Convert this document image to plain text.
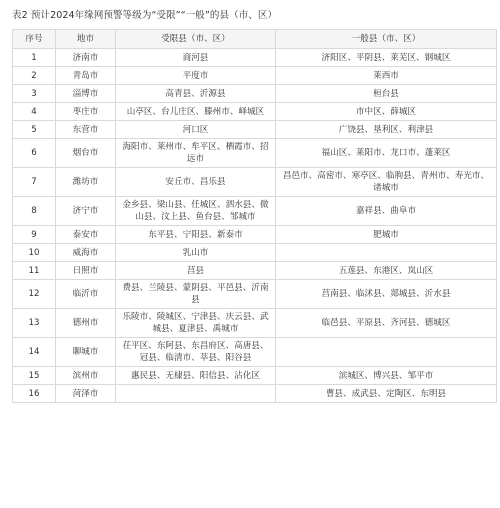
表2 预计2024年缘网预警等级为“受限”“一般”的县（市、区）
序号	地市	受限县（市、区）	一般县（市、区）
1	济南市	商河县	济阳区、平阴县、莱芜区、钢城区
2	青岛市	平度市	莱西市
3	淄博市	高青县、沂源县	桓台县
4	枣庄市	山亭区、台儿庄区、滕州市、峄城区	市中区、薛城区
5	东营市	河口区	广饶县、垦利区、利津县
6	烟台市	海阳市、莱州市、牟平区、栖霞市、招远市	福山区、莱阳市、龙口市、蓬莱区
7	潍坊市	安丘市、昌乐县	昌邑市、高密市、寒亭区、临朐县、青州市、寿光市、诸城市
8	济宁市	金乡县、梁山县、任城区、泗水县、微山县、汶上县、鱼台县、邹城市	嘉祥县、曲阜市
9	泰安市	东平县、宁阳县、新泰市	肥城市
10	威海市	乳山市	
11	日照市	莒县	五莲县、东港区、岚山区
12	临沂市	费县、兰陵县、蒙阴县、平邑县、沂南县	莒南县、临沭县、郯城县、沂水县
13	德州市	乐陵市、陵城区、宁津县、庆云县、武城县、夏津县、禹城市	临邑县、平原县、齐河县、德城区
14	聊城市	茌平区、东阿县、东昌府区、高唐县、冠县、临清市、莘县、阳谷县	
15	滨州市	惠民县、无棣县、阳信县、沾化区	滨城区、博兴县、邹平市
16	菏泽市		曹县、成武县、定陶区、东明县
